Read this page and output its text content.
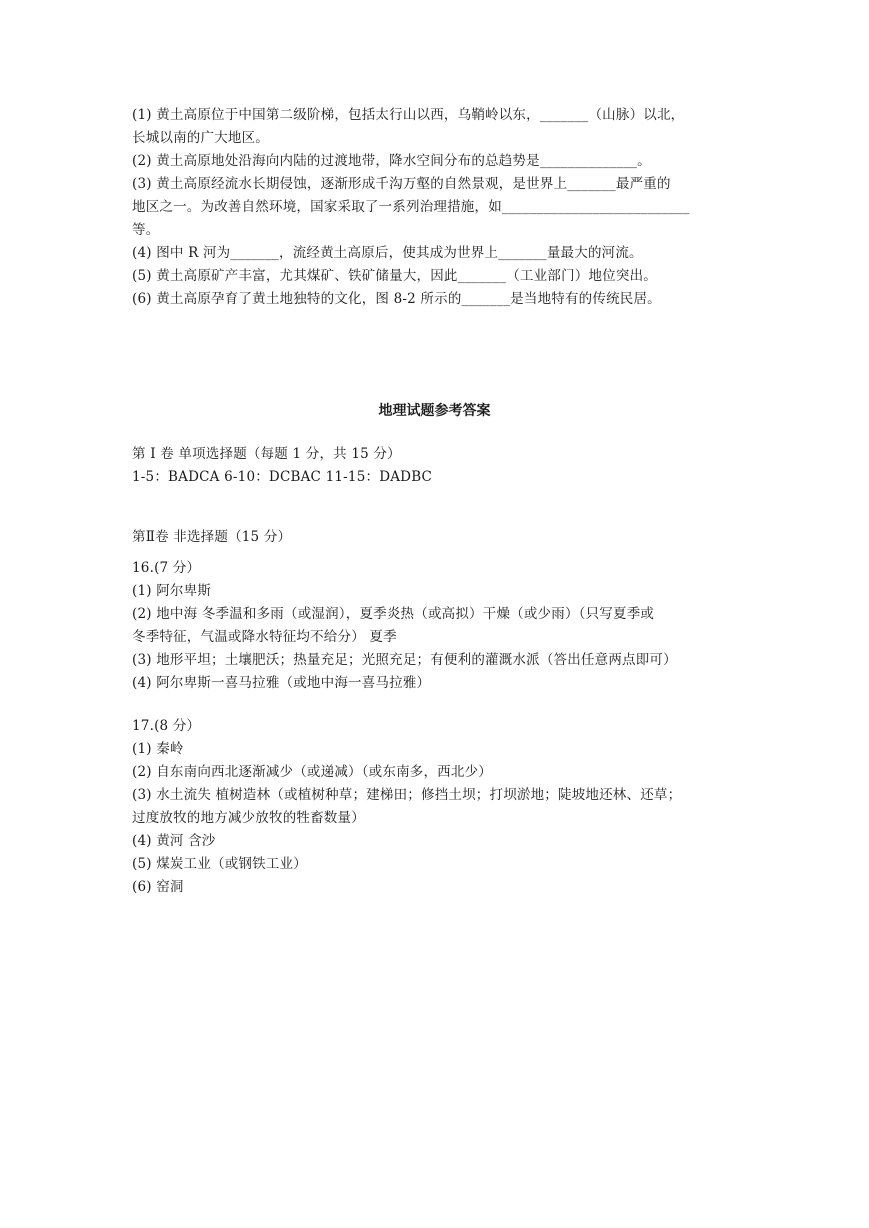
(1) 黄土高原位于中国第二级阶梯，包括太行山以西，乌鞘岭以东，_______（山脉）以北，
长城以南的广大地区。
(2) 黄土高原地处沿海向内陆的过渡地带，降水空间分布的总趋势是______________。
(3) 黄土高原经流水长期侵蚀，逐渐形成千沟万壑的自然景观，是世界上_______最严重的
地区之一。为改善自然环境，国家采取了一系列治理措施，如___________________________
等。
(4) 图中 R 河为_______，流经黄土高原后，使其成为世界上_______量最大的河流。
(5) 黄土高原矿产丰富，尤其煤矿、铁矿储量大，因此_______（工业部门）地位突出。
(6) 黄土高原孕育了黄土地独特的文化，图 8-2 所示的_______是当地特有的传统民居。
地理试题参考答案
第 I 卷 单项选择题（每题 1 分，共 15 分）
1-5：BADCA 6-10：DCBAC 11-15：DADBC
第Ⅱ卷 非选择题（15 分）
16.(7 分）
(1) 阿尔卑斯
(2) 地中海 冬季温和多雨（或湿润），夏季炎热（或高拟）干燥（或少雨）（只写夏季或
冬季特征，气温或降水特征均不给分） 夏季
(3) 地形平坦；土壤肥沃；热量充足；光照充足；有便利的灌溉水派（答出任意两点即可）
(4) 阿尔卑斯一喜马拉雅（或地中海一喜马拉雅）
17.(8 分）
(1) 秦岭
(2) 自东南向西北逐渐减少（或递减）（或东南多，西北少）
(3) 水土流失 植树造林（或植树种草；建梯田；修挡土坝；打坝淤地；陡坡地还林、还草；
过度放牧的地方减少放牧的牲畜数量）
(4) 黄河 含沙
(5) 煤炭工业（或钢铁工业）
(6) 窑洞
